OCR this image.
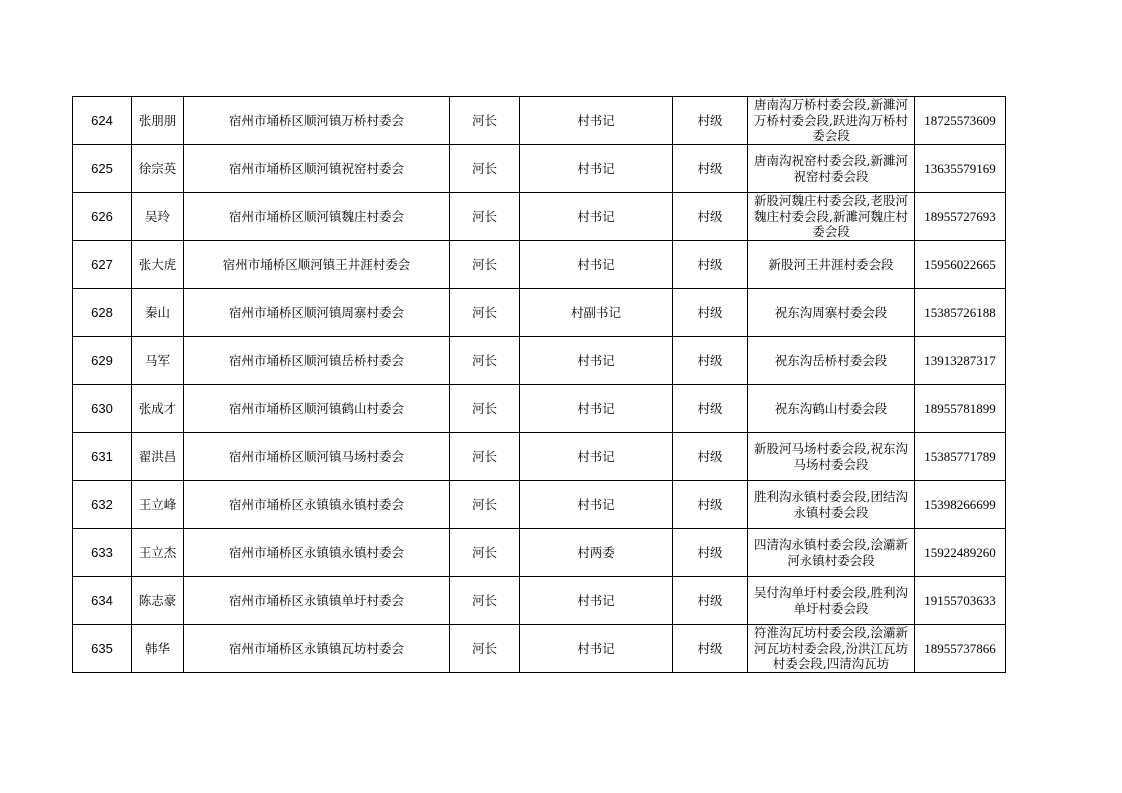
624	张朋朋	宿州市埇桥区顺河镇万桥村委会	河长	村书记	村级	唐南沟万桥村委会段,新濉河万桥村委会段,跃进沟万桥村委会段	18725573609
625	徐宗英	宿州市埇桥区顺河镇祝窑村委会	河长	村书记	村级	唐南沟祝窑村委会段,新濉河祝窑村委会段	13635579169
626	吴玲	宿州市埇桥区顺河镇魏庄村委会	河长	村书记	村级	新股河魏庄村委会段,老股河魏庄村委会段,新濉河魏庄村委会段	18955727693
627	张大虎	宿州市埇桥区顺河镇王井涯村委会	河长	村书记	村级	新股河王井涯村委会段	15956022665
628	秦山	宿州市埇桥区顺河镇周寨村委会	河长	村副书记	村级	祝东沟周寨村委会段	15385726188
629	马军	宿州市埇桥区顺河镇岳桥村委会	河长	村书记	村级	祝东沟岳桥村委会段	13913287317
630	张成才	宿州市埇桥区顺河镇鹤山村委会	河长	村书记	村级	祝东沟鹤山村委会段	18955781899
631	翟洪昌	宿州市埇桥区顺河镇马场村委会	河长	村书记	村级	新股河马场村委会段,祝东沟马场村委会段	15385771789
632	王立峰	宿州市埇桥区永镇镇永镇村委会	河长	村书记	村级	胜利沟永镇村委会段,团结沟永镇村委会段	15398266699
633	王立杰	宿州市埇桥区永镇镇永镇村委会	河长	村两委	村级	四清沟永镇村委会段,浍灞新河永镇村委会段	15922489260
634	陈志豪	宿州市埇桥区永镇镇单圩村委会	河长	村书记	村级	吴付沟单圩村委会段,胜利沟单圩村委会段	19155703633
635	韩华	宿州市埇桥区永镇镇瓦坊村委会	河长	村书记	村级	符淮沟瓦坊村委会段,浍灞新河瓦坊村委会段,汾洪江瓦坊村委会段,四清沟瓦坊	18955737866
